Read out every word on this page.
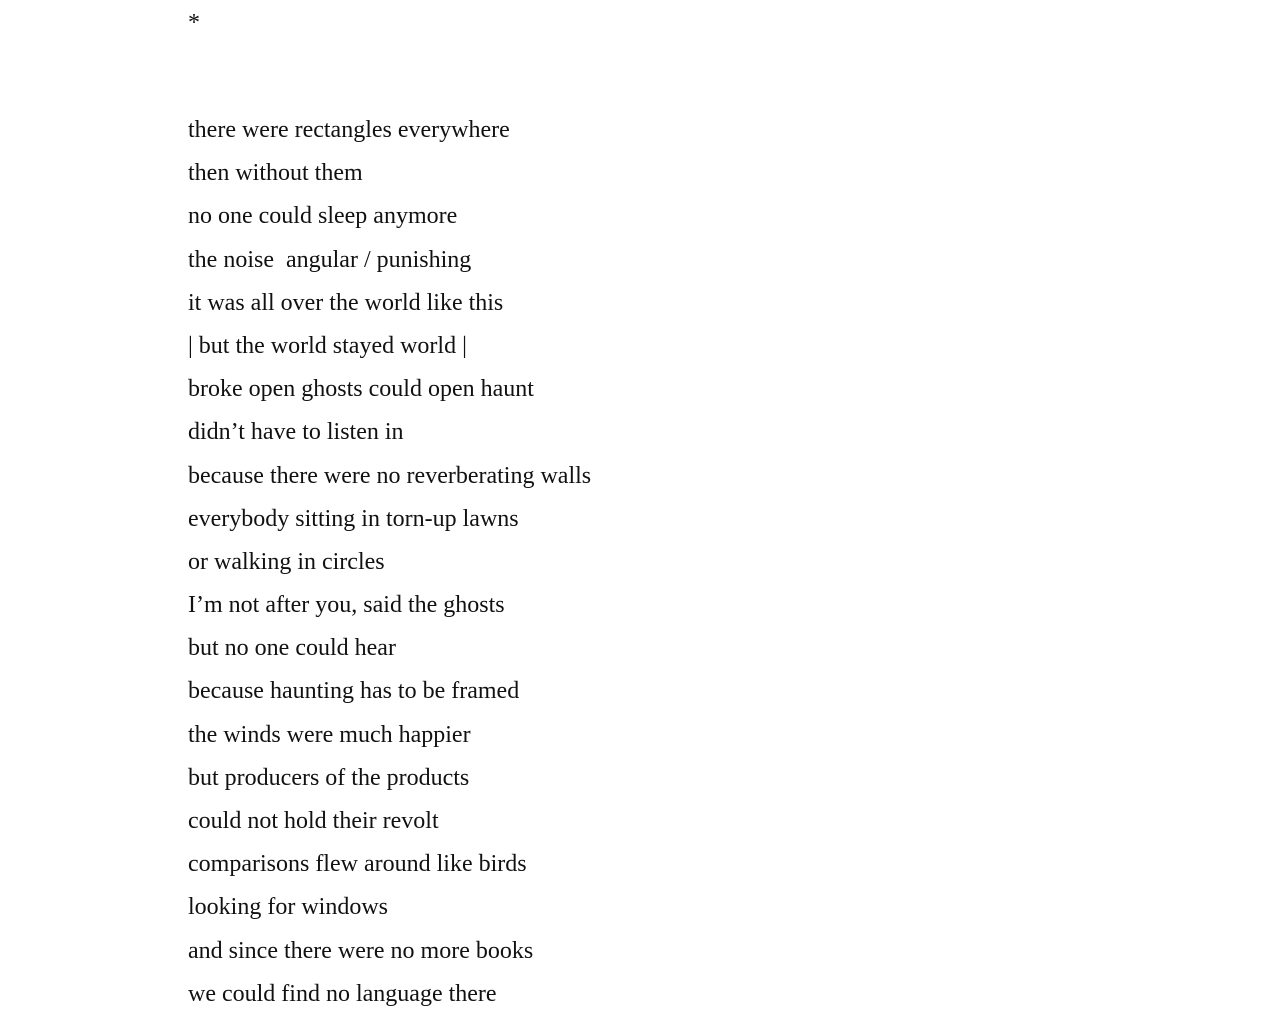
*
there were rectangles everywhere
then without them
no one could sleep anymore
the noise  angular / punishing
it was all over the world like this
| but the world stayed world |
broke open ghosts could open haunt
didn’t have to listen in
because there were no reverberating walls
everybody sitting in torn-up lawns
or walking in circles
I’m not after you, said the ghosts
but no one could hear
because haunting has to be framed
the winds were much happier
but producers of the products
could not hold their revolt
comparisons flew around like birds
looking for windows
and since there were no more books
we could find no language there
